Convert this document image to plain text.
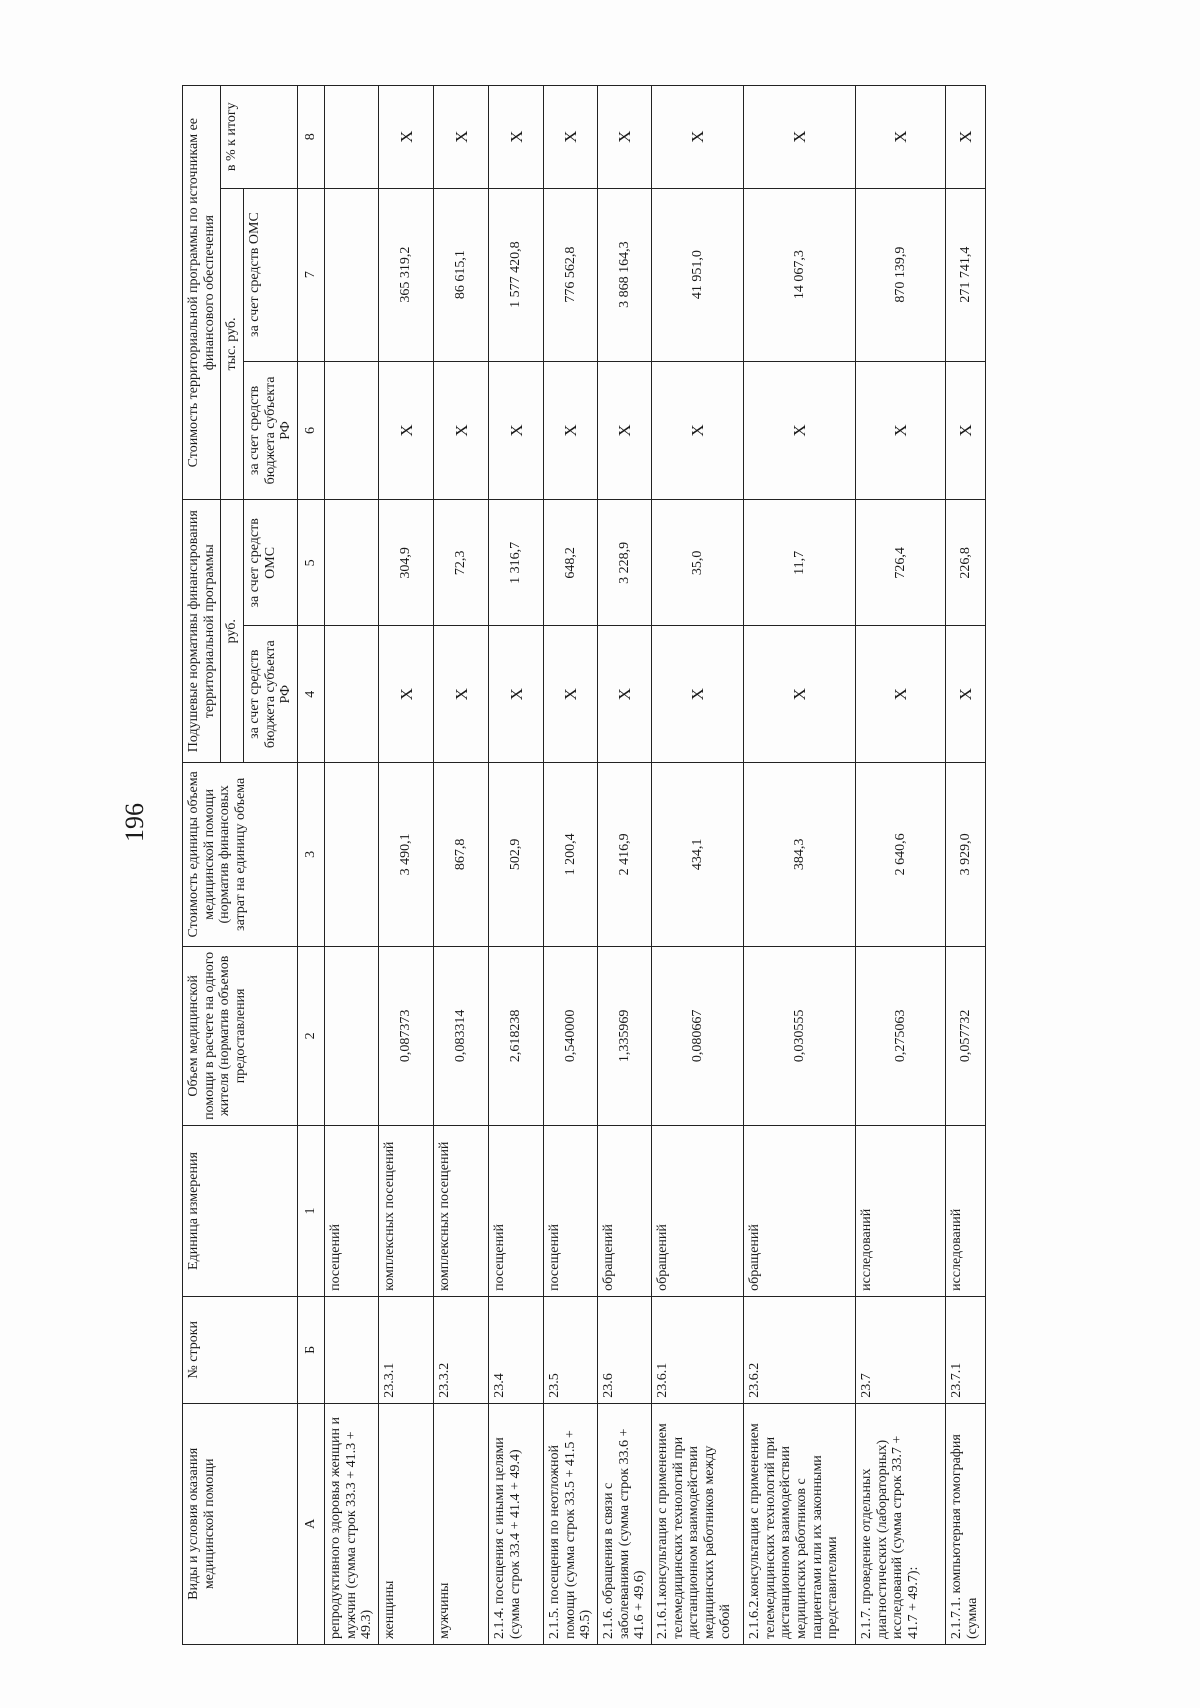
196
Виды и условия оказания медицинской помощи	№ строки	Единица измерения	Объем медицинской помощи в расчете на одного жителя (норматив объемов предоставления	Стоимость единицы объема медицинской помощи (норматив финансовых затрат на единицу объема	Подушевые нормативы финансирования территориальной программы		Стоимость территориальной программы по источникам ее финансового обеспечения		
					руб.		тыс. руб.		в % к итогу
					за счет средств бюджета субъекта РФ	за счет средств ОМС	за счет средств бюджета субъекта РФ	за счет средств ОМС	
А	Б	1	2	3	4	5	6	7	8
репродуктивного здоровья женщин и мужчин (сумма строк 33.3 + 41.3 + 49.3)		посещений							
женщины	23.3.1	комплексных посещений	0,087373	3 490,1	X	304,9	X	365 319,2	X
мужчины	23.3.2	комплексных посещений	0,083314	867,8	X	72,3	X	86 615,1	X
2.1.4. посещения с иными целями (сумма строк 33.4 + 41.4 + 49.4)	23.4	посещений	2,618238	502,9	X	1 316,7	X	1 577 420,8	X
2.1.5. посещения по неотложной помощи (сумма строк 33.5 + 41.5 + 49.5)	23.5	посещений	0,540000	1 200,4	X	648,2	X	776 562,8	X
2.1.6. обращения в связи с заболеваниями (сумма строк 33.6 + 41.6 + 49.6)	23.6	обращений	1,335969	2 416,9	X	3 228,9	X	3 868 164,3	X
2.1.6.1.консультация с применением телемедицинских технологий при дистанционном взаимодействии медицинских работников между собой	23.6.1	обращений	0,080667	434,1	X	35,0	X	41 951,0	X
2.1.6.2.консультация с применением телемедицинских технологий при дистанционном взаимодействии медицинских работников с пациентами или их законными представителями	23.6.2	обращений	0,030555	384,3	X	11,7	X	14 067,3	X
2.1.7. проведение отдельных диагностических (лабораторных) исследований (сумма строк 33.7 + 41.7 + 49.7):	23.7	исследований	0,275063	2 640,6	X	726,4	X	870 139,9	X
2.1.7.1. компьютерная томография (сумма	23.7.1	исследований	0,057732	3 929,0	X	226,8	X	271 741,4	X
